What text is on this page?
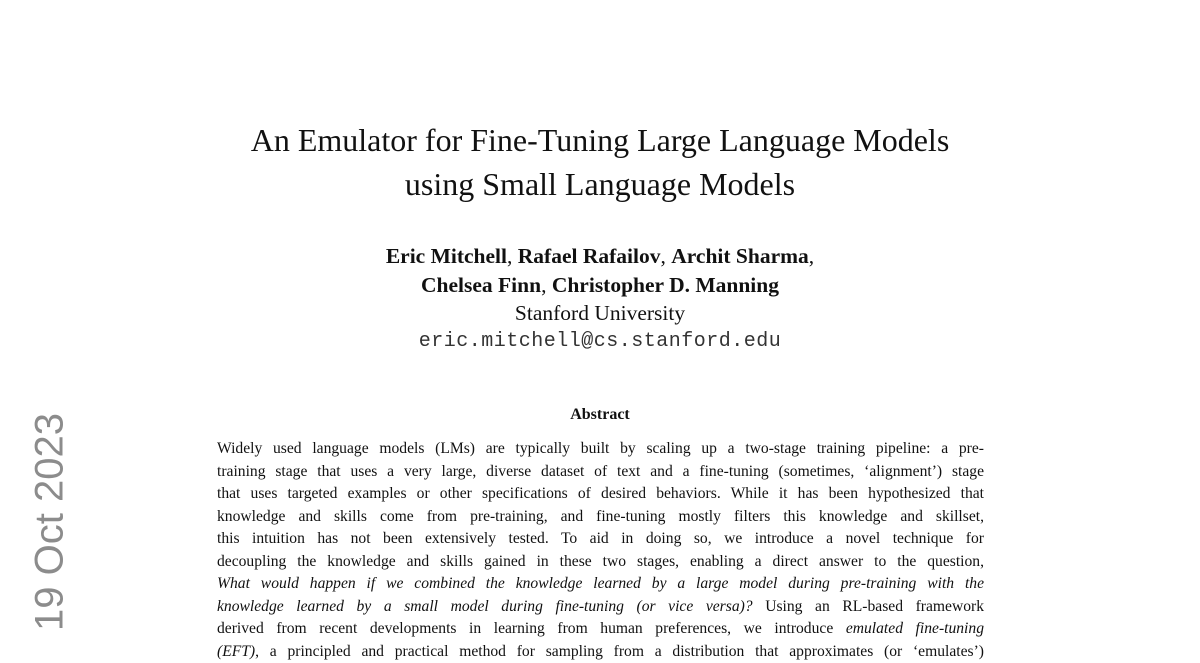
An Emulator for Fine-Tuning Large Language Models
using Small Language Models
Eric Mitchell, Rafael Rafailov, Archit Sharma,
Chelsea Finn, Christopher D. Manning
Stanford University
eric.mitchell@cs.stanford.edu
Abstract
Widely used language models (LMs) are typically built by scaling up a two-stage training pipeline: a pre-
training stage that uses a very large, diverse dataset of text and a fine-tuning (sometimes, ‘alignment’) stage
that uses targeted examples or other specifications of desired behaviors. While it has been hypothesized that
knowledge and skills come from pre-training, and fine-tuning mostly filters this knowledge and skillset,
this intuition has not been extensively tested. To aid in doing so, we introduce a novel technique for
decoupling the knowledge and skills gained in these two stages, enabling a direct answer to the question,
What would happen if we combined the knowledge learned by a large model during pre-training with the
knowledge learned by a small model during fine-tuning (or vice versa)? Using an RL-based framework
derived from recent developments in learning from human preferences, we introduce emulated fine-tuning
(EFT), a principled and practical method for sampling from a distribution that approximates (or ‘emulates’)
19 Oct 2023
